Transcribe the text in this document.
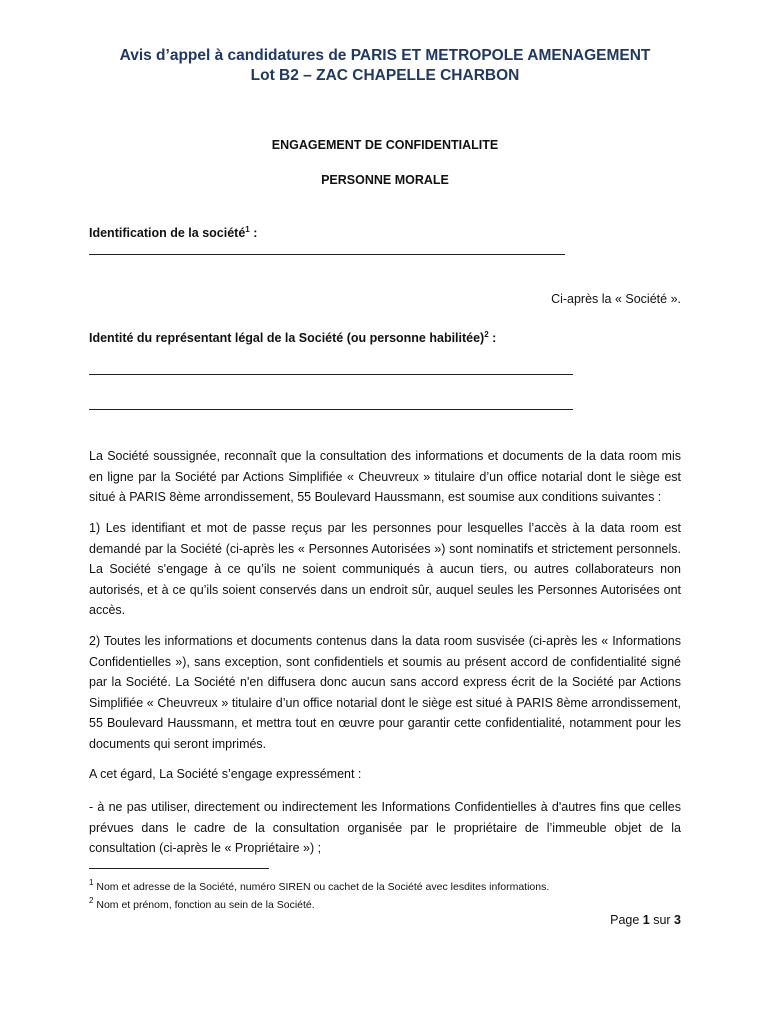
Avis d’appel à candidatures de PARIS ET METROPOLE AMENAGEMENT
Lot B2 – ZAC CHAPELLE CHARBON
ENGAGEMENT DE CONFIDENTIALITE
PERSONNE MORALE
Identification de la société$^1$ :
Ci-après la « Société ».
Identité du représentant légal de la Société (ou personne habilitée)$^2$ :

La Société soussignée, reconnaît que la consultation des informations et documents de la data room mis en ligne par la Société par Actions Simplifiée « Cheuvreux » titulaire d’un office notarial dont le siège est situé à PARIS 8ème arrondissement, 55 Boulevard Haussmann, est soumise aux conditions suivantes :

1) Les identifiant et mot de passe reçus par les personnes pour lesquelles l’accès à la data room est demandé par la Société (ci-après les « Personnes Autorisées ») sont nominatifs et strictement personnels. La Société s'engage à ce qu’ils ne soient communiqués à aucun tiers, ou autres collaborateurs non autorisés, et à ce qu’ils soient conservés dans un endroit sûr, auquel seules les Personnes Autorisées ont accès.

2) Toutes les informations et documents contenus dans la data room susvisée (ci-après les « Informations Confidentielles »), sans exception, sont confidentiels et soumis au présent accord de confidentialité signé par la Société. La Société n'en diffusera donc aucun sans accord express écrit de la Société par Actions Simplifiée « Cheuvreux » titulaire d’un office notarial dont le siège est situé à PARIS 8ème arrondissement, 55 Boulevard Haussmann, et mettra tout en œuvre pour garantir cette confidentialité, notamment pour les documents qui seront imprimés.

A cet égard, La Société s’engage expressément :

- à ne pas utiliser, directement ou indirectement les Informations Confidentielles à d'autres fins que celles prévues dans le cadre de la consultation organisée par le propriétaire de l’immeuble objet de la consultation (ci-après le « Propriétaire ») ;

$^1$ Nom et adresse de la Société, numéro SIREN ou cachet de la Société avec lesdites informations.
$^2$ Nom et prénom, fonction au sein de la Société.
Page 1 sur 3
